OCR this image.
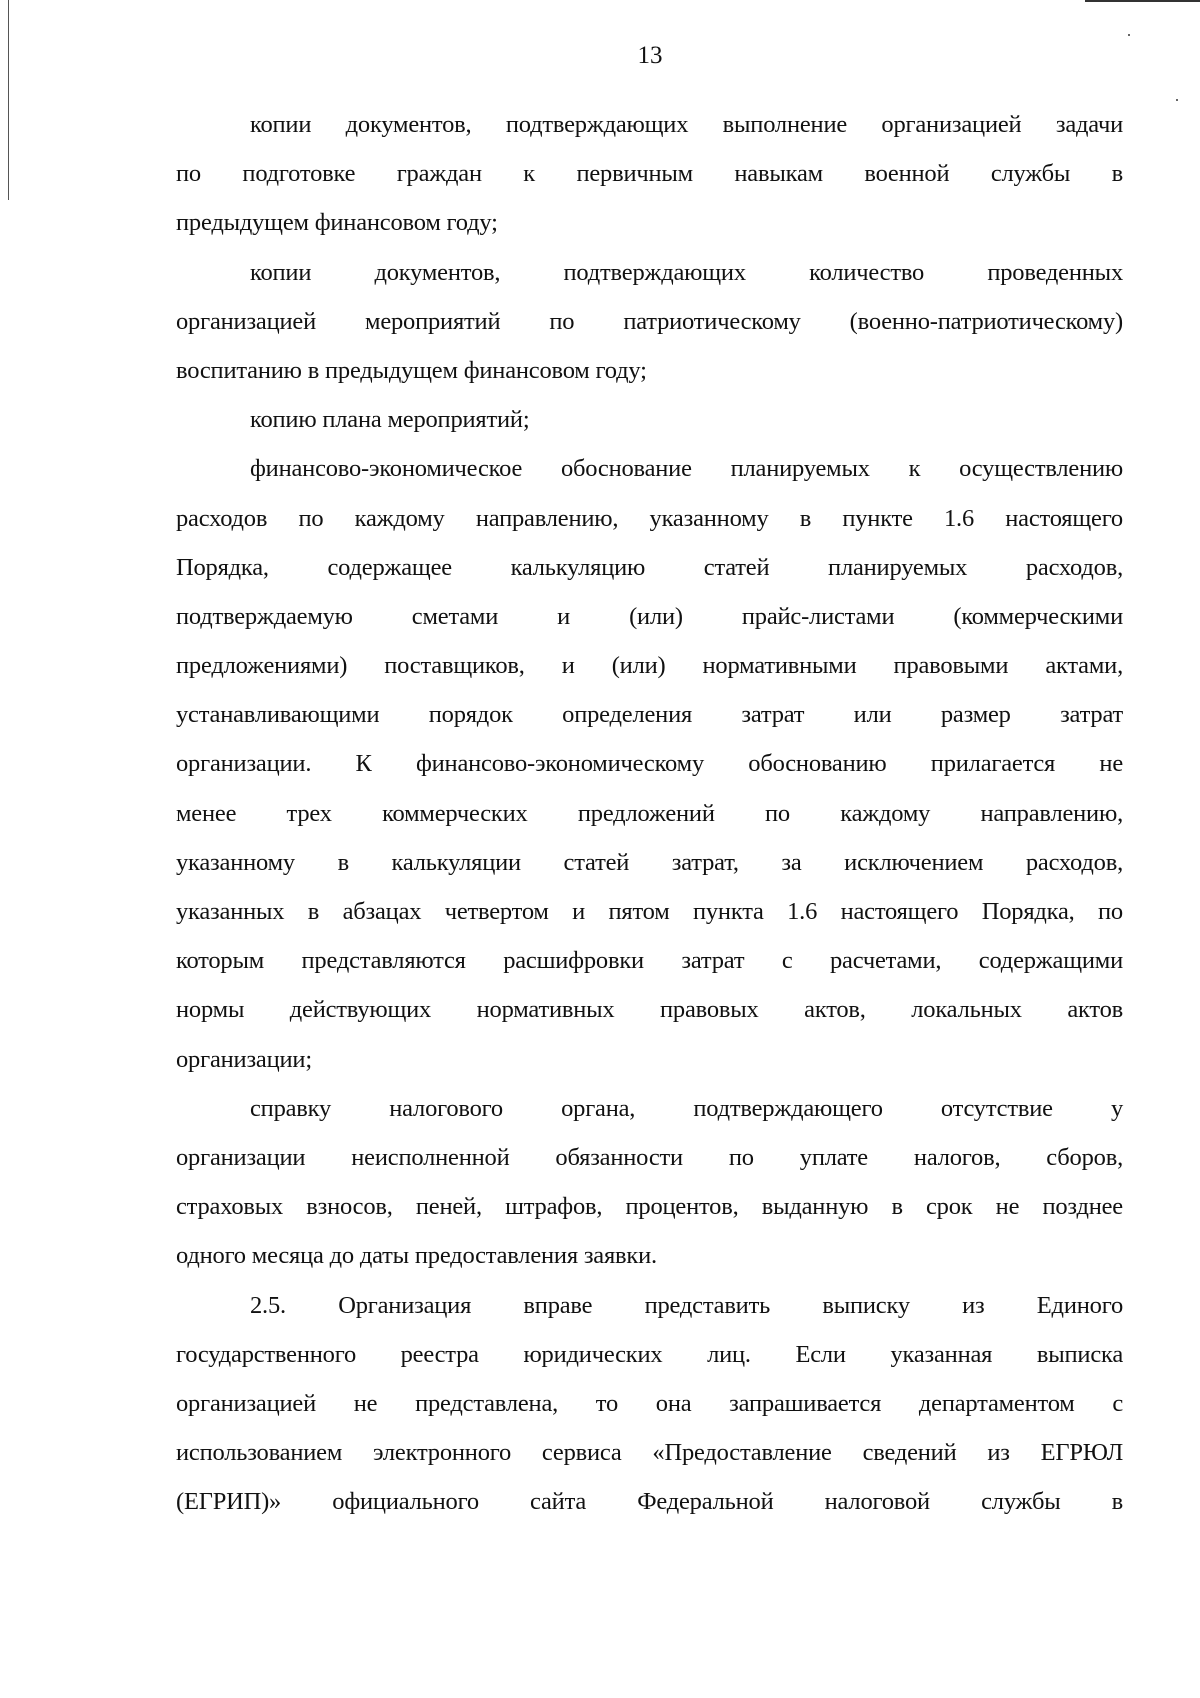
13
копии документов, подтверждающих выполнение организацией задачи
по подготовке граждан к первичным навыкам военной службы в
предыдущем финансовом году;
копии документов, подтверждающих количество проведенных
организацией мероприятий по патриотическому (военно-патриотическому)
воспитанию в предыдущем финансовом году;
копию плана мероприятий;
финансово-экономическое обоснование планируемых к осуществлению
расходов по каждому направлению, указанному в пункте 1.6 настоящего
Порядка, содержащее калькуляцию статей планируемых расходов,
подтверждаемую сметами и (или) прайс-листами (коммерческими
предложениями) поставщиков, и (или) нормативными правовыми актами,
устанавливающими порядок определения затрат или размер затрат
организации. К финансово-экономическому обоснованию прилагается не
менее трех коммерческих предложений по каждому направлению,
указанному в калькуляции статей затрат, за исключением расходов,
указанных в абзацах четвертом и пятом пункта 1.6 настоящего Порядка, по
которым представляются расшифровки затрат с расчетами, содержащими
нормы действующих нормативных правовых актов, локальных актов
организации;
справку налогового органа, подтверждающего отсутствие у
организации неисполненной обязанности по уплате налогов, сборов,
страховых взносов, пеней, штрафов, процентов, выданную в срок не позднее
одного месяца до даты предоставления заявки.
2.5. Организация вправе представить выписку из Единого
государственного реестра юридических лиц. Если указанная выписка
организацией не представлена, то она запрашивается департаментом с
использованием электронного сервиса «Предоставление сведений из ЕГРЮЛ
(ЕГРИП)» официального сайта Федеральной налоговой службы в
